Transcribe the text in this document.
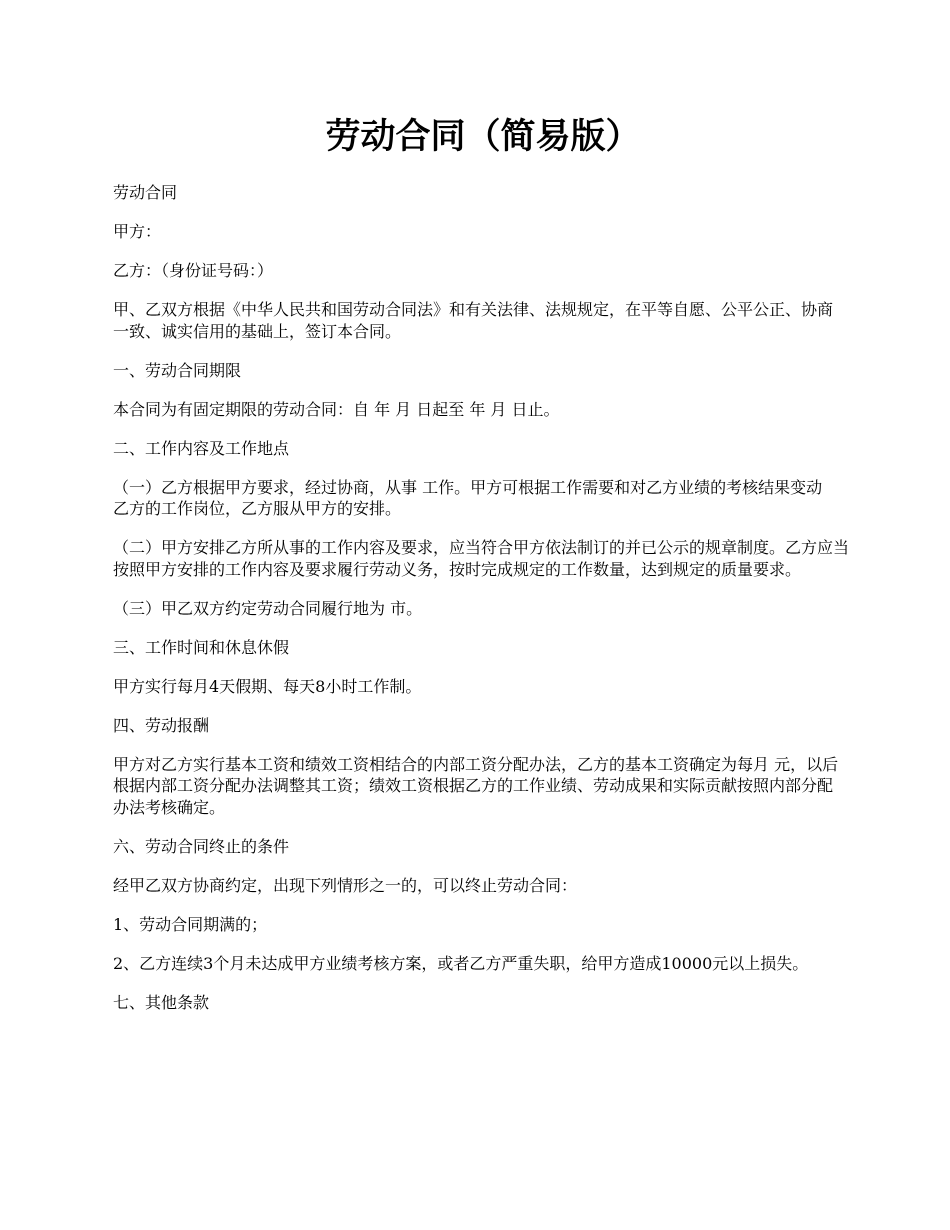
劳动合同（简易版）

劳动合同

甲方：

乙方：（身份证号码：）

甲、乙双方根据《中华人民共和国劳动合同法》和有关法律、法规规定，在平等自愿、公平公正、协商一致、诚实信用的基础上，签订本合同。

一、劳动合同期限

本合同为有固定期限的劳动合同：自 年 月 日起至 年 月 日止。

二、工作内容及工作地点

（一）乙方根据甲方要求，经过协商，从事 工作。甲方可根据工作需要和对乙方业绩的考核结果变动乙方的工作岗位，乙方服从甲方的安排。

（二）甲方安排乙方所从事的工作内容及要求，应当符合甲方依法制订的并已公示的规章制度。乙方应当按照甲方安排的工作内容及要求履行劳动义务，按时完成规定的工作数量，达到规定的质量要求。

（三）甲乙双方约定劳动合同履行地为 市。

三、工作时间和休息休假

甲方实行每月4天假期、每天8小时工作制。

四、劳动报酬

甲方对乙方实行基本工资和绩效工资相结合的内部工资分配办法，乙方的基本工资确定为每月 元，以后根据内部工资分配办法调整其工资；绩效工资根据乙方的工作业绩、劳动成果和实际贡献按照内部分配办法考核确定。

六、劳动合同终止的条件

经甲乙双方协商约定，出现下列情形之一的，可以终止劳动合同：

1、劳动合同期满的；

2、乙方连续3个月未达成甲方业绩考核方案，或者乙方严重失职，给甲方造成10000元以上损失。

七、其他条款
